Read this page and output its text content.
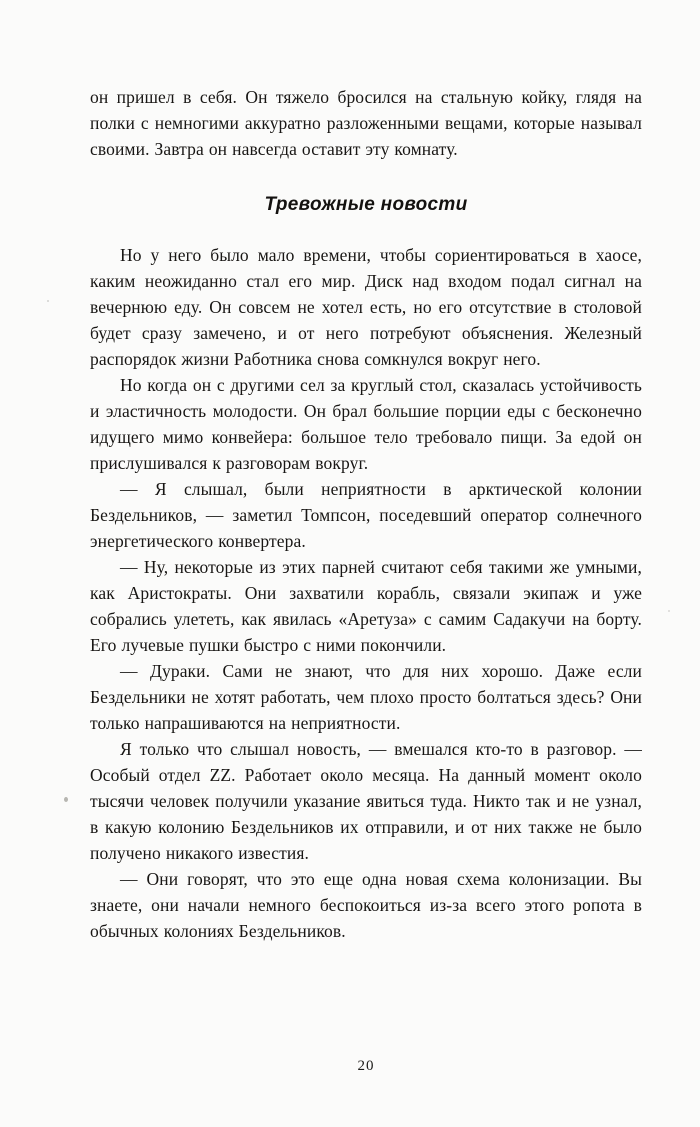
он пришел в себя. Он тяжело бросился на стальную койку, глядя на полки с немногими аккуратно разложенными вещами, которые называл своими. Завтра он навсегда оставит эту комнату.

Тревожные новости

Но у него было мало времени, чтобы сориентироваться в хаосе, каким неожиданно стал его мир. Диск над входом подал сигнал на вечернюю еду. Он совсем не хотел есть, но его отсутствие в столовой будет сразу замечено, и от него потребуют объяснения. Железный распорядок жизни Работника снова сомкнулся вокруг него.

Но когда он с другими сел за круглый стол, сказалась устойчивость и эластичность молодости. Он брал большие порции еды с бесконечно идущего мимо конвейера: большое тело требовало пищи. За едой он прислушивался к разговорам вокруг.

— Я слышал, были неприятности в арктической колонии Бездельников, — заметил Томпсон, поседевший оператор солнечного энергетического конвертера.

— Ну, некоторые из этих парней считают себя такими же умными, как Аристократы. Они захватили корабль, связали экипаж и уже собрались улететь, как явилась «Аретуза» с самим Садакучи на борту. Его лучевые пушки быстро с ними покончили.

— Дураки. Сами не знают, что для них хорошо. Даже если Бездельники не хотят работать, чем плохо просто болтаться здесь? Они только напрашиваются на неприятности.

Я только что слышал новость, — вмешался кто-то в разговор. — Особый отдел ZZ. Работает около месяца. На данный момент около тысячи человек получили указание явиться туда. Никто так и не узнал, в какую колонию Бездельников их отправили, и от них также не было получено никакого известия.

— Они говорят, что это еще одна новая схема колонизации. Вы знаете, они начали немного беспокоиться из-за всего этого ропота в обычных колониях Бездельников.

20
